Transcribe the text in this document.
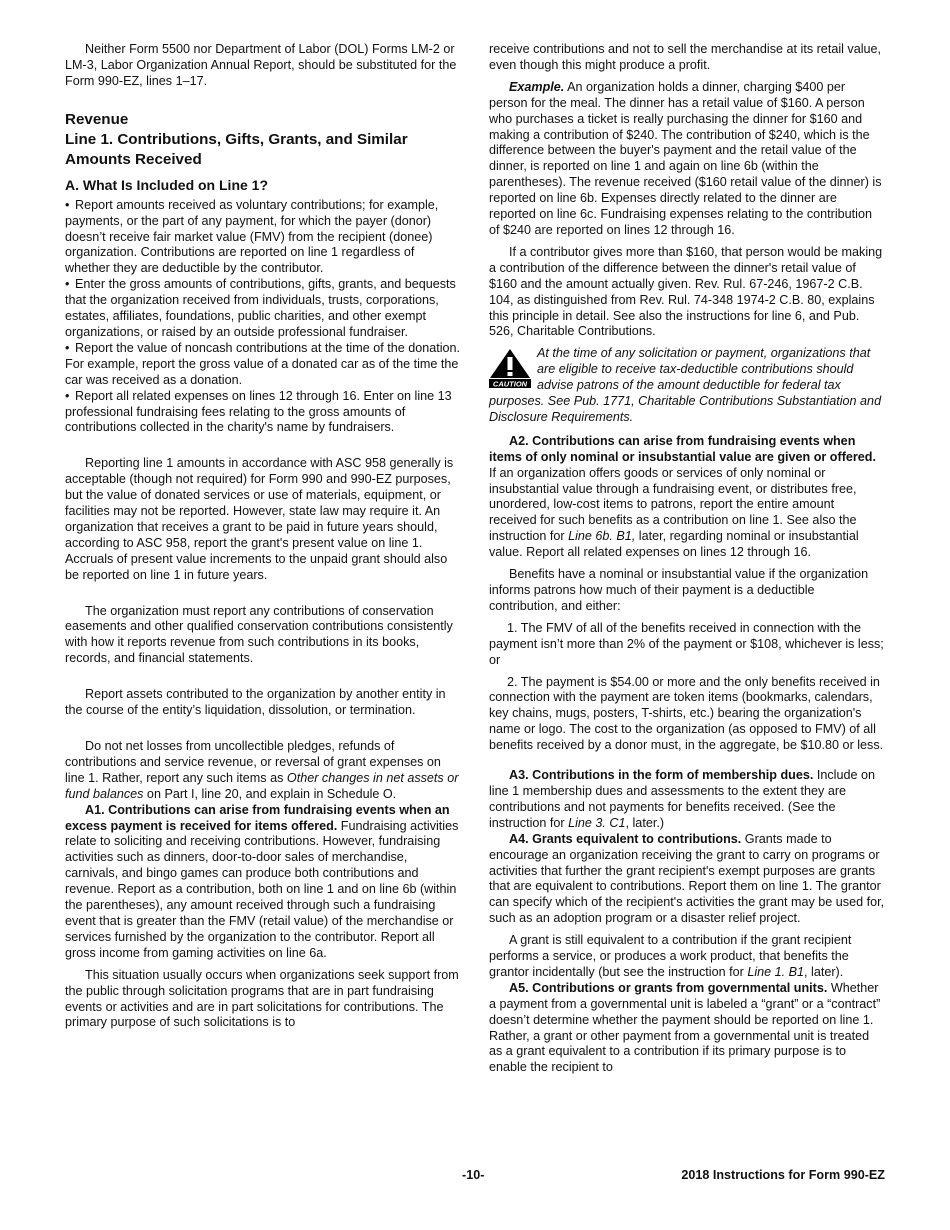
Neither Form 5500 nor Department of Labor (DOL) Forms LM-2 or LM-3, Labor Organization Annual Report, should be substituted for the Form 990-EZ, lines 1–17.

Revenue
Line 1. Contributions, Gifts, Grants, and Similar Amounts Received
A. What Is Included on Line 1?

• Report amounts received as voluntary contributions; for example, payments, or the part of any payment, for which the payer (donor) doesn’t receive fair market value (FMV) from the recipient (donee) organization. Contributions are reported on line 1 regardless of whether they are deductible by the contributor.

• Enter the gross amounts of contributions, gifts, grants, and bequests that the organization received from individuals, trusts, corporations, estates, affiliates, foundations, public charities, and other exempt organizations, or raised by an outside professional fundraiser.

• Report the value of noncash contributions at the time of the donation. For example, report the gross value of a donated car as of the time the car was received as a donation.

• Report all related expenses on lines 12 through 16. Enter on line 13 professional fundraising fees relating to the gross amounts of contributions collected in the charity's name by fundraisers.

Reporting line 1 amounts in accordance with ASC 958 generally is acceptable (though not required) for Form 990 and 990-EZ purposes, but the value of donated services or use of materials, equipment, or facilities may not be reported. However, state law may require it. An organization that receives a grant to be paid in future years should, according to ASC 958, report the grant's present value on line 1. Accruals of present value increments to the unpaid grant should also be reported on line 1 in future years.

The organization must report any contributions of conservation easements and other qualified conservation contributions consistently with how it reports revenue from such contributions in its books, records, and financial statements.

Report assets contributed to the organization by another entity in the course of the entity’s liquidation, dissolution, or termination.

Do not net losses from uncollectible pledges, refunds of contributions and service revenue, or reversal of grant expenses on line 1. Rather, report any such items as Other changes in net assets or fund balances on Part I, line 20, and explain in Schedule O.

A1. Contributions can arise from fundraising events when an excess payment is received for items offered. Fundraising activities relate to soliciting and receiving contributions. However, fundraising activities such as dinners, door-to-door sales of merchandise, carnivals, and bingo games can produce both contributions and revenue. Report as a contribution, both on line 1 and on line 6b (within the parentheses), any amount received through such a fundraising event that is greater than the FMV (retail value) of the merchandise or services furnished by the organization to the contributor. Report all gross income from gaming activities on line 6a.

This situation usually occurs when organizations seek support from the public through solicitation programs that are in part fundraising events or activities and are in part solicitations for contributions. The primary purpose of such solicitations is to

receive contributions and not to sell the merchandise at its retail value, even though this might produce a profit.

Example. An organization holds a dinner, charging $400 per person for the meal. The dinner has a retail value of $160. A person who purchases a ticket is really purchasing the dinner for $160 and making a contribution of $240. The contribution of $240, which is the difference between the buyer's payment and the retail value of the dinner, is reported on line 1 and again on line 6b (within the parentheses). The revenue received ($160 retail value of the dinner) is reported on line 6b. Expenses directly related to the dinner are reported on line 6c. Fundraising expenses relating to the contribution of $240 are reported on lines 12 through 16.

If a contributor gives more than $160, that person would be making a contribution of the difference between the dinner's retail value of $160 and the amount actually given. Rev. Rul. 67-246, 1967-2 C.B. 104, as distinguished from Rev. Rul. 74-348 1974-2 C.B. 80, explains this principle in detail. See also the instructions for line 6, and Pub. 526, Charitable Contributions.

CAUTION
At the time of any solicitation or payment, organizations that are eligible to receive tax-deductible contributions should advise patrons of the amount deductible for federal tax purposes. See Pub. 1771, Charitable Contributions Substantiation and Disclosure Requirements.

A2. Contributions can arise from fundraising events when items of only nominal or insubstantial value are given or offered. If an organization offers goods or services of only nominal or insubstantial value through a fundraising event, or distributes free, unordered, low-cost items to patrons, report the entire amount received for such benefits as a contribution on line 1. See also the instruction for Line 6b. B1, later, regarding nominal or insubstantial value. Report all related expenses on lines 12 through 16.

Benefits have a nominal or insubstantial value if the organization informs patrons how much of their payment is a deductible contribution, and either:

1. The FMV of all of the benefits received in connection with the payment isn’t more than 2% of the payment or $108, whichever is less; or

2. The payment is $54.00 or more and the only benefits received in connection with the payment are token items (bookmarks, calendars, key chains, mugs, posters, T-shirts, etc.) bearing the organization's name or logo. The cost to the organization (as opposed to FMV) of all benefits received by a donor must, in the aggregate, be $10.80 or less.

A3. Contributions in the form of membership dues. Include on line 1 membership dues and assessments to the extent they are contributions and not payments for benefits received. (See the instruction for Line 3. C1, later.)

A4. Grants equivalent to contributions. Grants made to encourage an organization receiving the grant to carry on programs or activities that further the grant recipient's exempt purposes are grants that are equivalent to contributions. Report them on line 1. The grantor can specify which of the recipient's activities the grant may be used for, such as an adoption program or a disaster relief project.

A grant is still equivalent to a contribution if the grant recipient performs a service, or produces a work product, that benefits the grantor incidentally (but see the instruction for Line 1. B1, later).

A5. Contributions or grants from governmental units. Whether a payment from a governmental unit is labeled a “grant” or a “contract” doesn’t determine whether the payment should be reported on line 1. Rather, a grant or other payment from a governmental unit is treated as a grant equivalent to a contribution if its primary purpose is to enable the recipient to

-10-	2018 Instructions for Form 990-EZ
